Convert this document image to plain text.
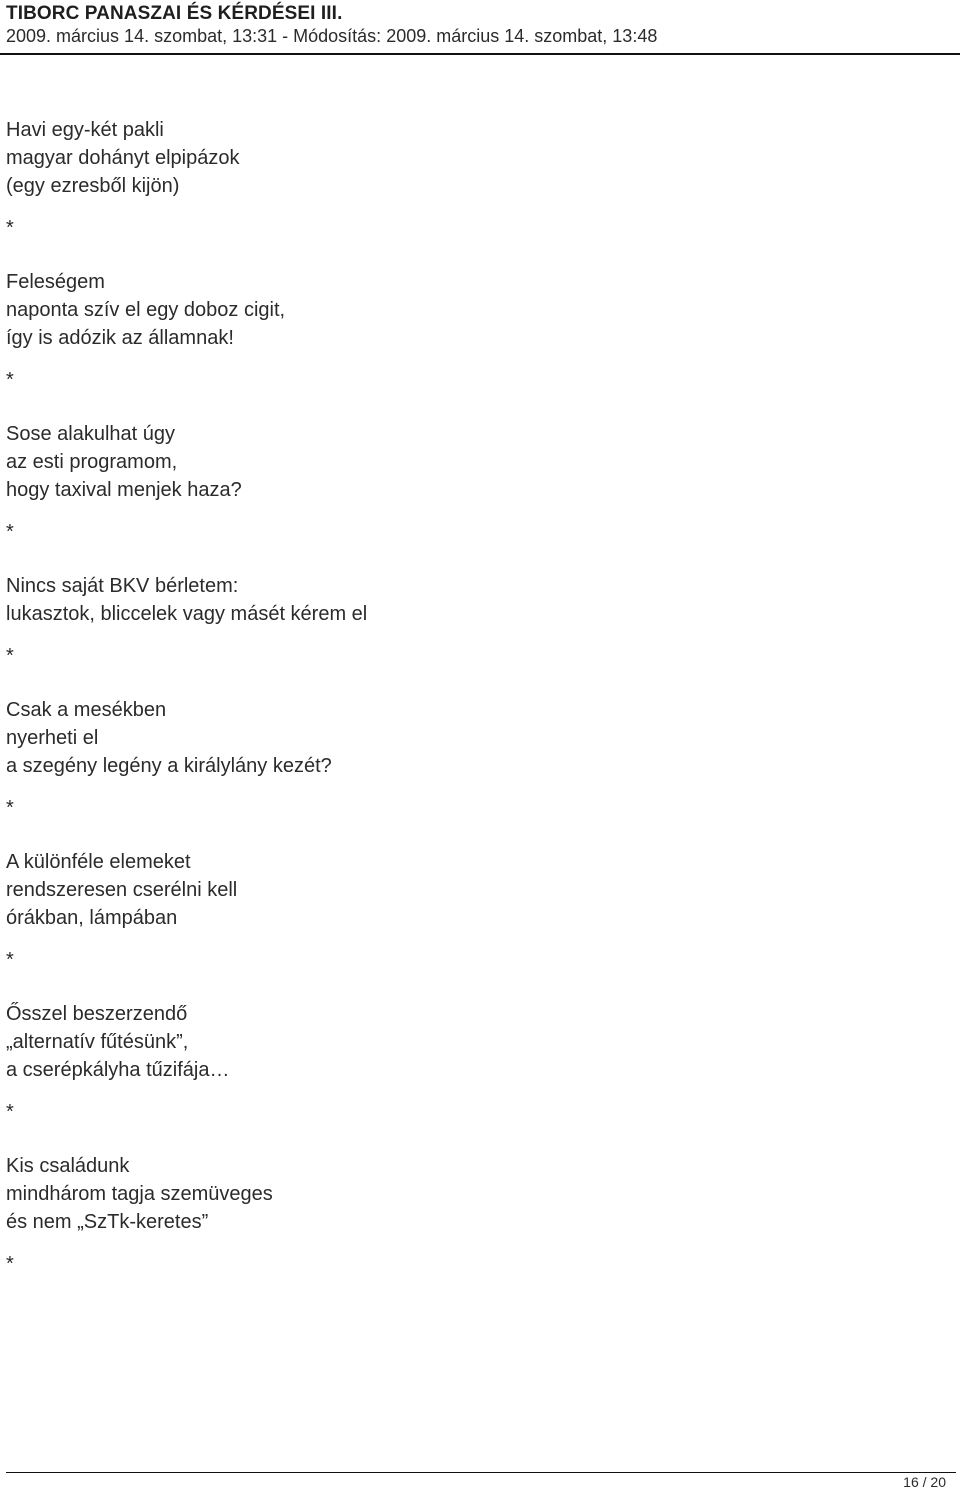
TIBORC PANASZAI ÉS KÉRDÉSEI III.
2009. március 14. szombat, 13:31 - Módosítás: 2009. március 14. szombat, 13:48
Havi egy-két pakli
magyar dohányt elpipázok
(egy ezresből kijön)
*
Feleségem
naponta szív el egy doboz cigit,
így is adózik az államnak!
*
Sose alakulhat úgy
az esti programom,
hogy taxival menjek haza?
*
Nincs saját BKV bérletem:
lukasztok, bliccelek vagy másét kérem el
*
Csak a mesékben
nyerheti el
a szegény legény a királylány kezét?
*
A különféle elemeket
rendszeresen cserélni kell
órákban, lámpában
*
Ősszel beszerzendő
„alternatív fűtésünk”,
a cserépkályha tűzifája…
*
Kis családunk
mindhárom tagja szemüveges
és nem „SzTk-keretes”
*
16 / 20
